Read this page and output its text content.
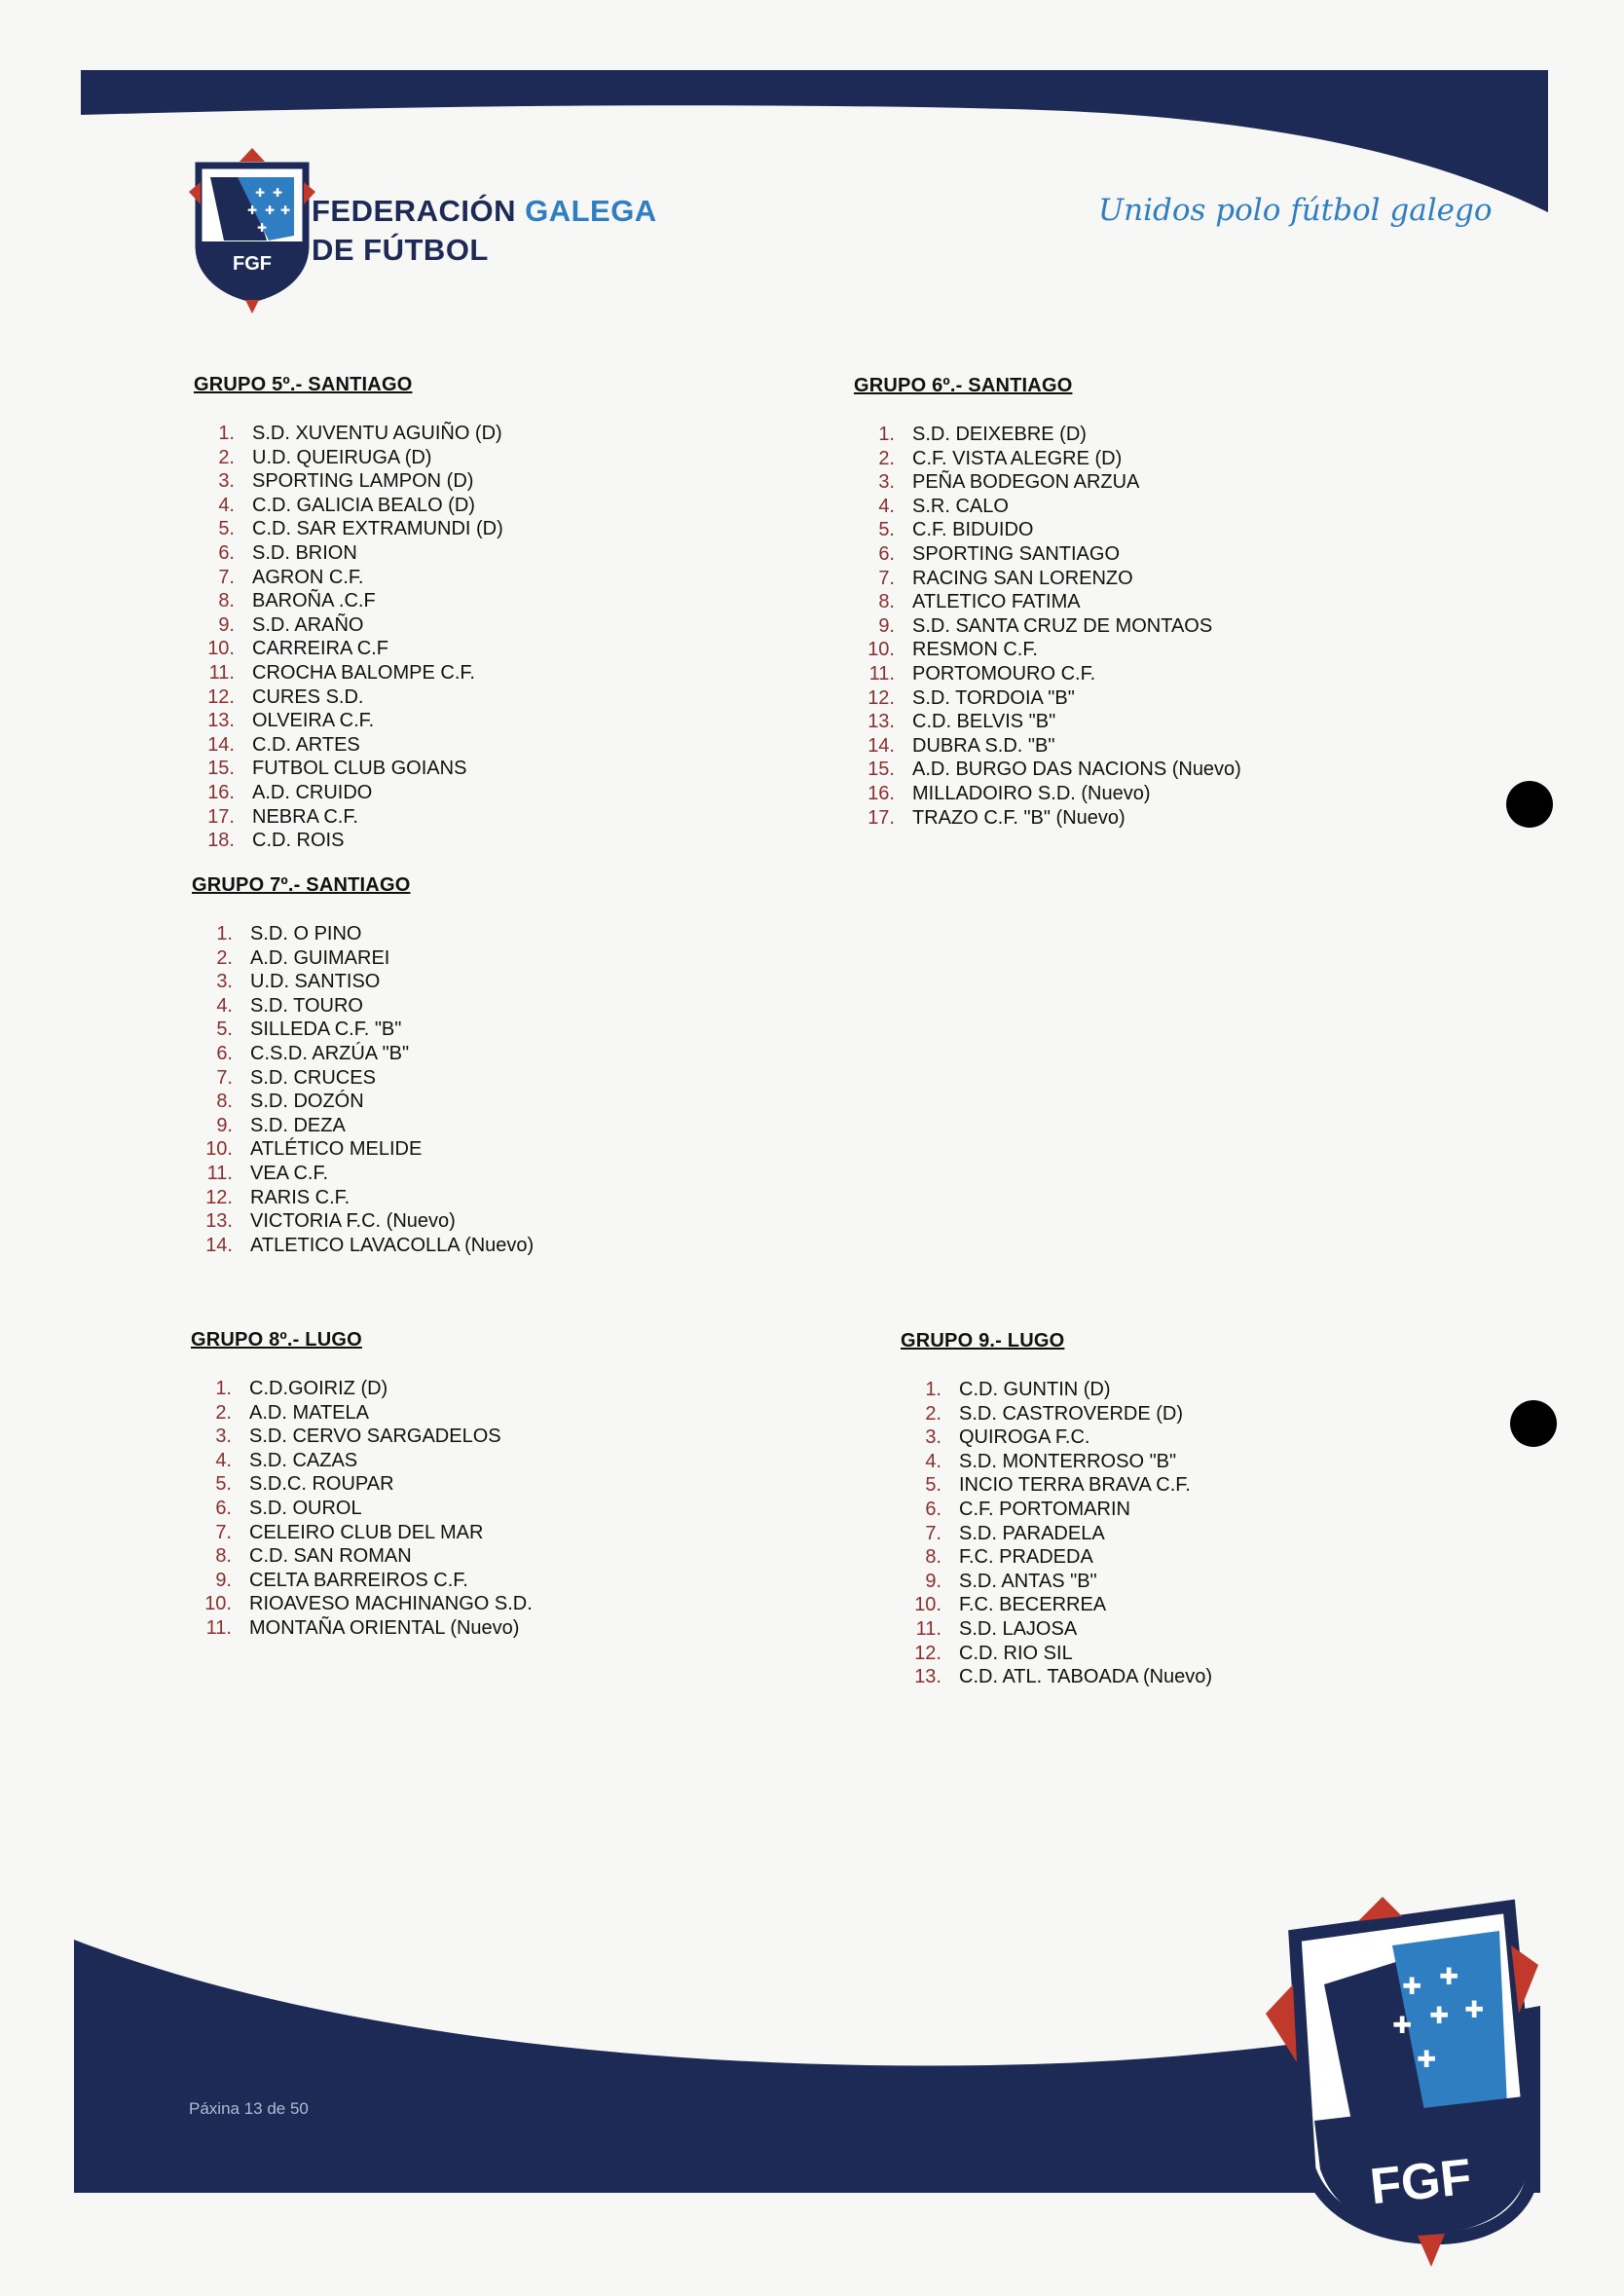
✚ ✚
✚ ✚ ✚
✚
FGF
✚ ✚
✚ ✚ ✚
✚
FGF
FEDERACIÓN GALEGA
DE FÚTBOL
Unidos polo fútbol galego
GRUPO 5º.- SANTIAGO
1. S.D. XUVENTU AGUIÑO (D)
2. U.D. QUEIRUGA (D)
3. SPORTING LAMPON (D)
4. C.D. GALICIA BEALO (D)
5. C.D. SAR EXTRAMUNDI (D)
6. S.D. BRION
7. AGRON C.F.
8. BAROÑA .C.F
9. S.D. ARAÑO
10. CARREIRA C.F
11. CROCHA BALOMPE C.F.
12. CURES S.D.
13. OLVEIRA C.F.
14. C.D. ARTES
15. FUTBOL CLUB GOIANS
16. A.D. CRUIDO
17. NEBRA C.F.
18. C.D. ROIS
GRUPO 6º.- SANTIAGO
1. S.D. DEIXEBRE (D)
2. C.F. VISTA ALEGRE (D)
3. PEÑA BODEGON ARZUA
4. S.R. CALO
5. C.F. BIDUIDO
6. SPORTING SANTIAGO
7. RACING SAN LORENZO
8. ATLETICO FATIMA
9. S.D. SANTA CRUZ DE MONTAOS
10. RESMON C.F.
11. PORTOMOURO C.F.
12. S.D. TORDOIA "B"
13. C.D. BELVIS "B"
14. DUBRA S.D. "B"
15. A.D. BURGO DAS NACIONS (Nuevo)
16. MILLADOIRO S.D. (Nuevo)
17. TRAZO C.F. "B" (Nuevo)
GRUPO 7º.- SANTIAGO
1. S.D. O PINO
2. A.D. GUIMAREI
3. U.D. SANTISO
4. S.D. TOURO
5. SILLEDA C.F. "B"
6. C.S.D. ARZÚA "B"
7. S.D. CRUCES
8. S.D. DOZÓN
9. S.D. DEZA
10. ATLÉTICO MELIDE
11. VEA C.F.
12. RARIS C.F.
13. VICTORIA F.C. (Nuevo)
14. ATLETICO LAVACOLLA (Nuevo)
GRUPO 8º.- LUGO
1. C.D.GOIRIZ (D)
2. A.D. MATELA
3. S.D. CERVO SARGADELOS
4. S.D. CAZAS
5. S.D.C. ROUPAR
6. S.D. OUROL
7. CELEIRO CLUB DEL MAR
8. C.D. SAN ROMAN
9. CELTA BARREIROS C.F.
10. RIOAVESO MACHINANGO S.D.
11. MONTAÑA ORIENTAL (Nuevo)
GRUPO 9.- LUGO
1. C.D. GUNTIN (D)
2. S.D. CASTROVERDE (D)
3. QUIROGA F.C.
4. S.D. MONTERROSO "B"
5. INCIO TERRA BRAVA C.F.
6. C.F. PORTOMARIN
7. S.D. PARADELA
8. F.C. PRADEDA
9. S.D. ANTAS "B"
10. F.C. BECERREA
11. S.D. LAJOSA
12. C.D. RIO SIL
13. C.D. ATL. TABOADA (Nuevo)
Páxina 13 de 50
